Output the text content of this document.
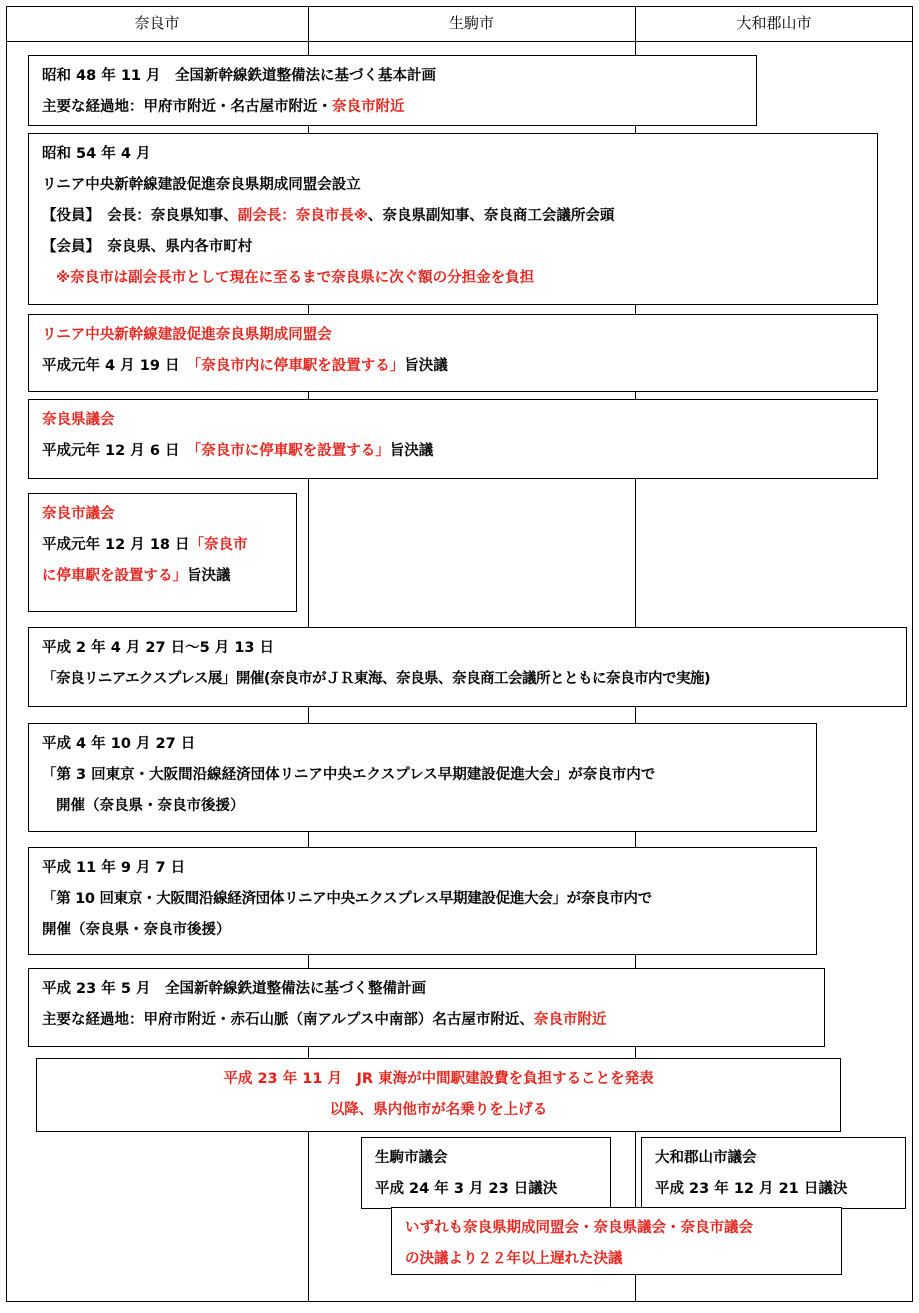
奈良市	生駒市	大和郡山市
昭和 48 年 11 月　全国新幹線鉄道整備法に基づく基本計画
主要な経過地：甲府市附近・名古屋市附近・奈良市附近
昭和 54 年 4 月
リニア中央新幹線建設促進奈良県期成同盟会設立
【役員】　会長：奈良県知事、副会長：奈良市長※、奈良県副知事、奈良商工会議所会頭
【会員】　奈良県、県内各市町村
※奈良市は副会長市として現在に至るまで奈良県に次ぐ額の分担金を負担
リニア中央新幹線建設促進奈良県期成同盟会
平成元年 4 月 19 日　「奈良市内に停車駅を設置する」旨決議
奈良県議会
平成元年 12 月 6 日　「奈良市に停車駅を設置する」旨決議
奈良市議会
平成元年 12 月 18 日「奈良市
に停車駅を設置する」旨決議
平成 2 年 4 月 27 日～5 月 13 日
「奈良リニアエクスプレス展」開催(奈良市がＪＲ東海、奈良県、奈良商工会議所とともに奈良市内で実施)
平成 4 年 10 月 27 日
「第 3 回東京・大阪間沿線経済団体リニア中央エクスプレス早期建設促進大会」が奈良市内で
開催（奈良県・奈良市後援）
平成 11 年 9 月 7 日
「第 10 回東京・大阪間沿線経済団体リニア中央エクスプレス早期建設促進大会」が奈良市内で
開催（奈良県・奈良市後援）
平成 23 年 5 月　全国新幹線鉄道整備法に基づく整備計画
主要な経過地：甲府市附近・赤石山脈（南アルプス中南部）名古屋市附近、奈良市附近
平成 23 年 11 月　JR 東海が中間駅建設費を負担することを発表
以降、県内他市が名乗りを上げる
生駒市議会
平成 24 年 3 月 23 日議決
大和郡山市議会
平成 23 年 12 月 21 日議決
いずれも奈良県期成同盟会・奈良県議会・奈良市議会
の決議より２２年以上遅れた決議
